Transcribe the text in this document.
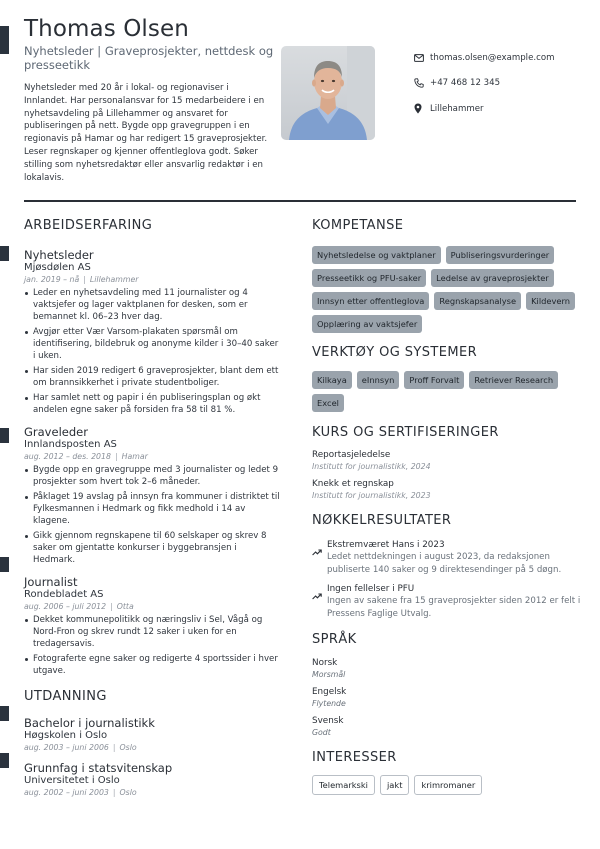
Thomas Olsen
Nyhetsleder | Graveprosjekter, nettdesk og presseetikk
Nyhetsleder med 20 år i lokal- og regionaviser i Innlandet. Har personalansvar for 15 medarbeidere i en nyhetsavdeling på Lillehammer og ansvaret for publiseringen på nett. Bygde opp gravegruppen i en regionavis på Hamar og har redigert 15 graveprosjekter. Leser regnskaper og kjenner offentleglova godt. Søker stilling som nyhetsredaktør eller ansvarlig redaktør i en lokalavis.
thomas.olsen@example.com
+47 468 12 345
Lillehammer
ARBEIDSERFARING
Nyhetsleder
Mjøsdølen AS
jan. 2019 – nå | Lillehammer
Leder en nyhetsavdeling med 11 journalister og 4 vaktsjefer og lager vaktplanen for desken, som er bemannet kl. 06–23 hver dag.
Avgjør etter Vær Varsom-plakaten spørsmål om identifisering, bildebruk og anonyme kilder i 30–40 saker i uken.
Har siden 2019 redigert 6 graveprosjekter, blant dem ett om brannsikkerhet i private studentboliger.
Har samlet nett og papir i én publiseringsplan og økt andelen egne saker på forsiden fra 58 til 81 %.
Graveleder
Innlandsposten AS
aug. 2012 – des. 2018 | Hamar
Bygde opp en gravegruppe med 3 journalister og ledet 9 prosjekter som hvert tok 2–6 måneder.
Påklaget 19 avslag på innsyn fra kommuner i distriktet til Fylkesmannen i Hedmark og fikk medhold i 14 av klagene.
Gikk gjennom regnskapene til 60 selskaper og skrev 8 saker om gjentatte konkurser i byggebransjen i Hedmark.
Journalist
Rondebladet AS
aug. 2006 – juli 2012 | Otta
Dekket kommunepolitikk og næringsliv i Sel, Vågå og Nord-Fron og skrev rundt 12 saker i uken for en tredagersavis.
Fotograferte egne saker og redigerte 4 sportssider i hver utgave.
UTDANNING
Bachelor i journalistikk
Høgskolen i Oslo
aug. 2003 – juni 2006 | Oslo
Grunnfag i statsvitenskap
Universitetet i Oslo
aug. 2002 – juni 2003 | Oslo
KOMPETANSE
Nyhetsledelse og vaktplaner	Publiseringsvurderinger
Presseetikk og PFU-saker	Ledelse av graveprosjekter
Innsyn etter offentleglova	Regnskapsanalyse	Kildevern
Opplæring av vaktsjefer
VERKTØY OG SYSTEMER
Kilkaya	eInnsyn	Proff Forvalt	Retriever Research
Excel
KURS OG SERTIFISERINGER
Reportasjeledelse
Institutt for journalistikk, 2024
Knekk et regnskap
Institutt for journalistikk, 2023
NØKKELRESULTATER
Ekstremværet Hans i 2023
Ledet nettdekningen i august 2023, da redaksjonen publiserte 140 saker og 9 direktesendinger på 5 døgn.
Ingen fellelser i PFU
Ingen av sakene fra 15 graveprosjekter siden 2012 er felt i Pressens Faglige Utvalg.
SPRÅK
Norsk
Morsmål
Engelsk
Flytende
Svensk
Godt
INTERESSER
Telemarkski	jakt	krimromaner
